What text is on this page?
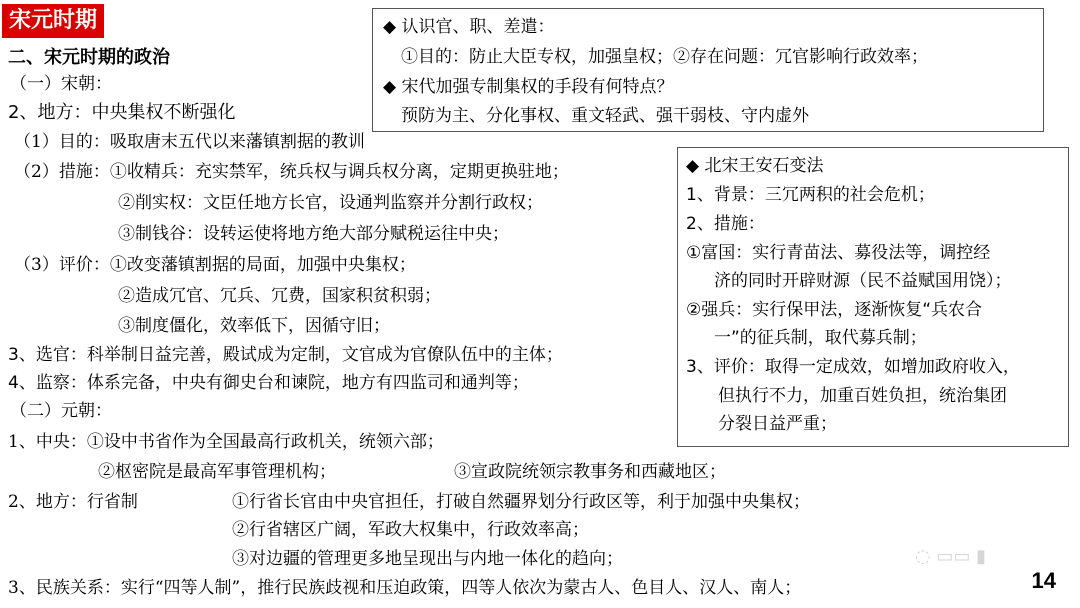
宋元时期
二、宋元时期的政治
（一）宋朝：
2、地方：中央集权不断强化
（1）目的：吸取唐末五代以来藩镇割据的教训
（2）措施：①收精兵：充实禁军，统兵权与调兵权分离，定期更换驻地；
②削实权：文臣任地方长官，设通判监察并分割行政权；
③制钱谷：设转运使将地方绝大部分赋税运往中央；
（3）评价：①改变藩镇割据的局面，加强中央集权；
②造成冗官、冗兵、冗费，国家积贫积弱；
③制度僵化，效率低下，因循守旧；
3、选官：科举制日益完善，殿试成为定制，文官成为官僚队伍中的主体；
4、监察：体系完备，中央有御史台和谏院，地方有四监司和通判等；
（二）元朝：
1、中央：①设中书省作为全国最高行政机关，统领六部；
②枢密院是最高军事管理机构；	③宣政院统领宗教事务和西藏地区；
2、地方：行省制	①行省长官由中央官担任，打破自然疆界划分行政区等，利于加强中央集权；
②行省辖区广阔，军政大权集中，行政效率高；
③对边疆的管理更多地呈现出与内地一体化的趋向；
3、民族关系：实行“四等人制”，推行民族歧视和压迫政策，四等人依次为蒙古人、色目人、汉人、南人；
◆ 认识官、职、差遣：
①目的：防止大臣专权，加强皇权；②存在问题：冗官影响行政效率；
◆ 宋代加强专制集权的手段有何特点？
预防为主、分化事权、重文轻武、强干弱枝、守内虚外
◆ 北宋王安石变法
1、背景：三冗两积的社会危机；
2、措施：
①富国：实行青苗法、募役法等，调控经
济的同时开辟财源（民不益赋国用饶）；
②强兵：实行保甲法，逐渐恢复“兵农合
一”的征兵制，取代募兵制；
3、评价：取得一定成效，如增加政府收入，
但执行不力，加重百姓负担，统治集团
分裂日益严重；
◌ ▭▭ ▮
14
